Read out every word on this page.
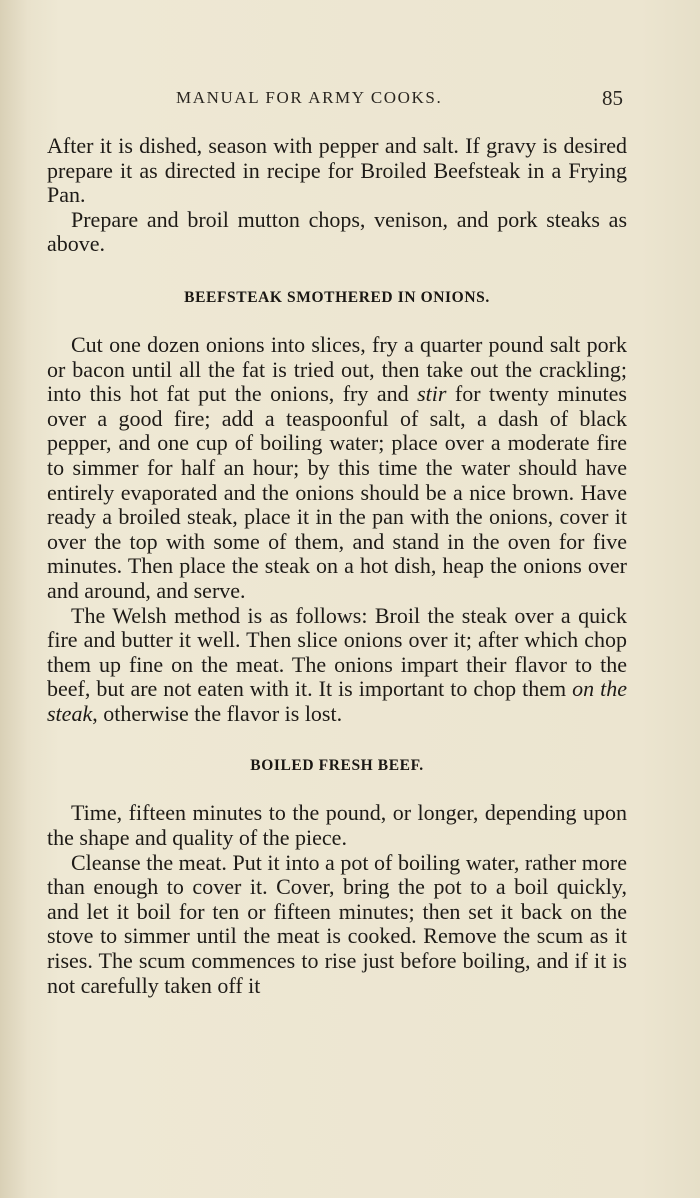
MANUAL FOR ARMY COOKS.	85

After it is dished, season with pepper and salt. If gravy is desired prepare it as directed in recipe for Broiled Beefsteak in a Frying Pan.

Prepare and broil mutton chops, venison, and pork steaks as above.

BEEFSTEAK SMOTHERED IN ONIONS.

Cut one dozen onions into slices, fry a quarter pound salt pork or bacon until all the fat is tried out, then take out the crackling; into this hot fat put the onions, fry and stir for twenty minutes over a good fire; add a teaspoonful of salt, a dash of black pepper, and one cup of boiling water; place over a moderate fire to simmer for half an hour; by this time the water should have entirely evaporated and the onions should be a nice brown. Have ready a broiled steak, place it in the pan with the onions, cover it over the top with some of them, and stand in the oven for five minutes. Then place the steak on a hot dish, heap the onions over and around, and serve.

The Welsh method is as follows: Broil the steak over a quick fire and butter it well. Then slice onions over it; after which chop them up fine on the meat. The onions impart their flavor to the beef, but are not eaten with it. It is important to chop them on the steak, otherwise the flavor is lost.

BOILED FRESH BEEF.

Time, fifteen minutes to the pound, or longer, depending upon the shape and quality of the piece.

Cleanse the meat. Put it into a pot of boiling water, rather more than enough to cover it. Cover, bring the pot to a boil quickly, and let it boil for ten or fifteen minutes; then set it back on the stove to simmer until the meat is cooked. Remove the scum as it rises. The scum commences to rise just before boiling, and if it is not carefully taken off it
